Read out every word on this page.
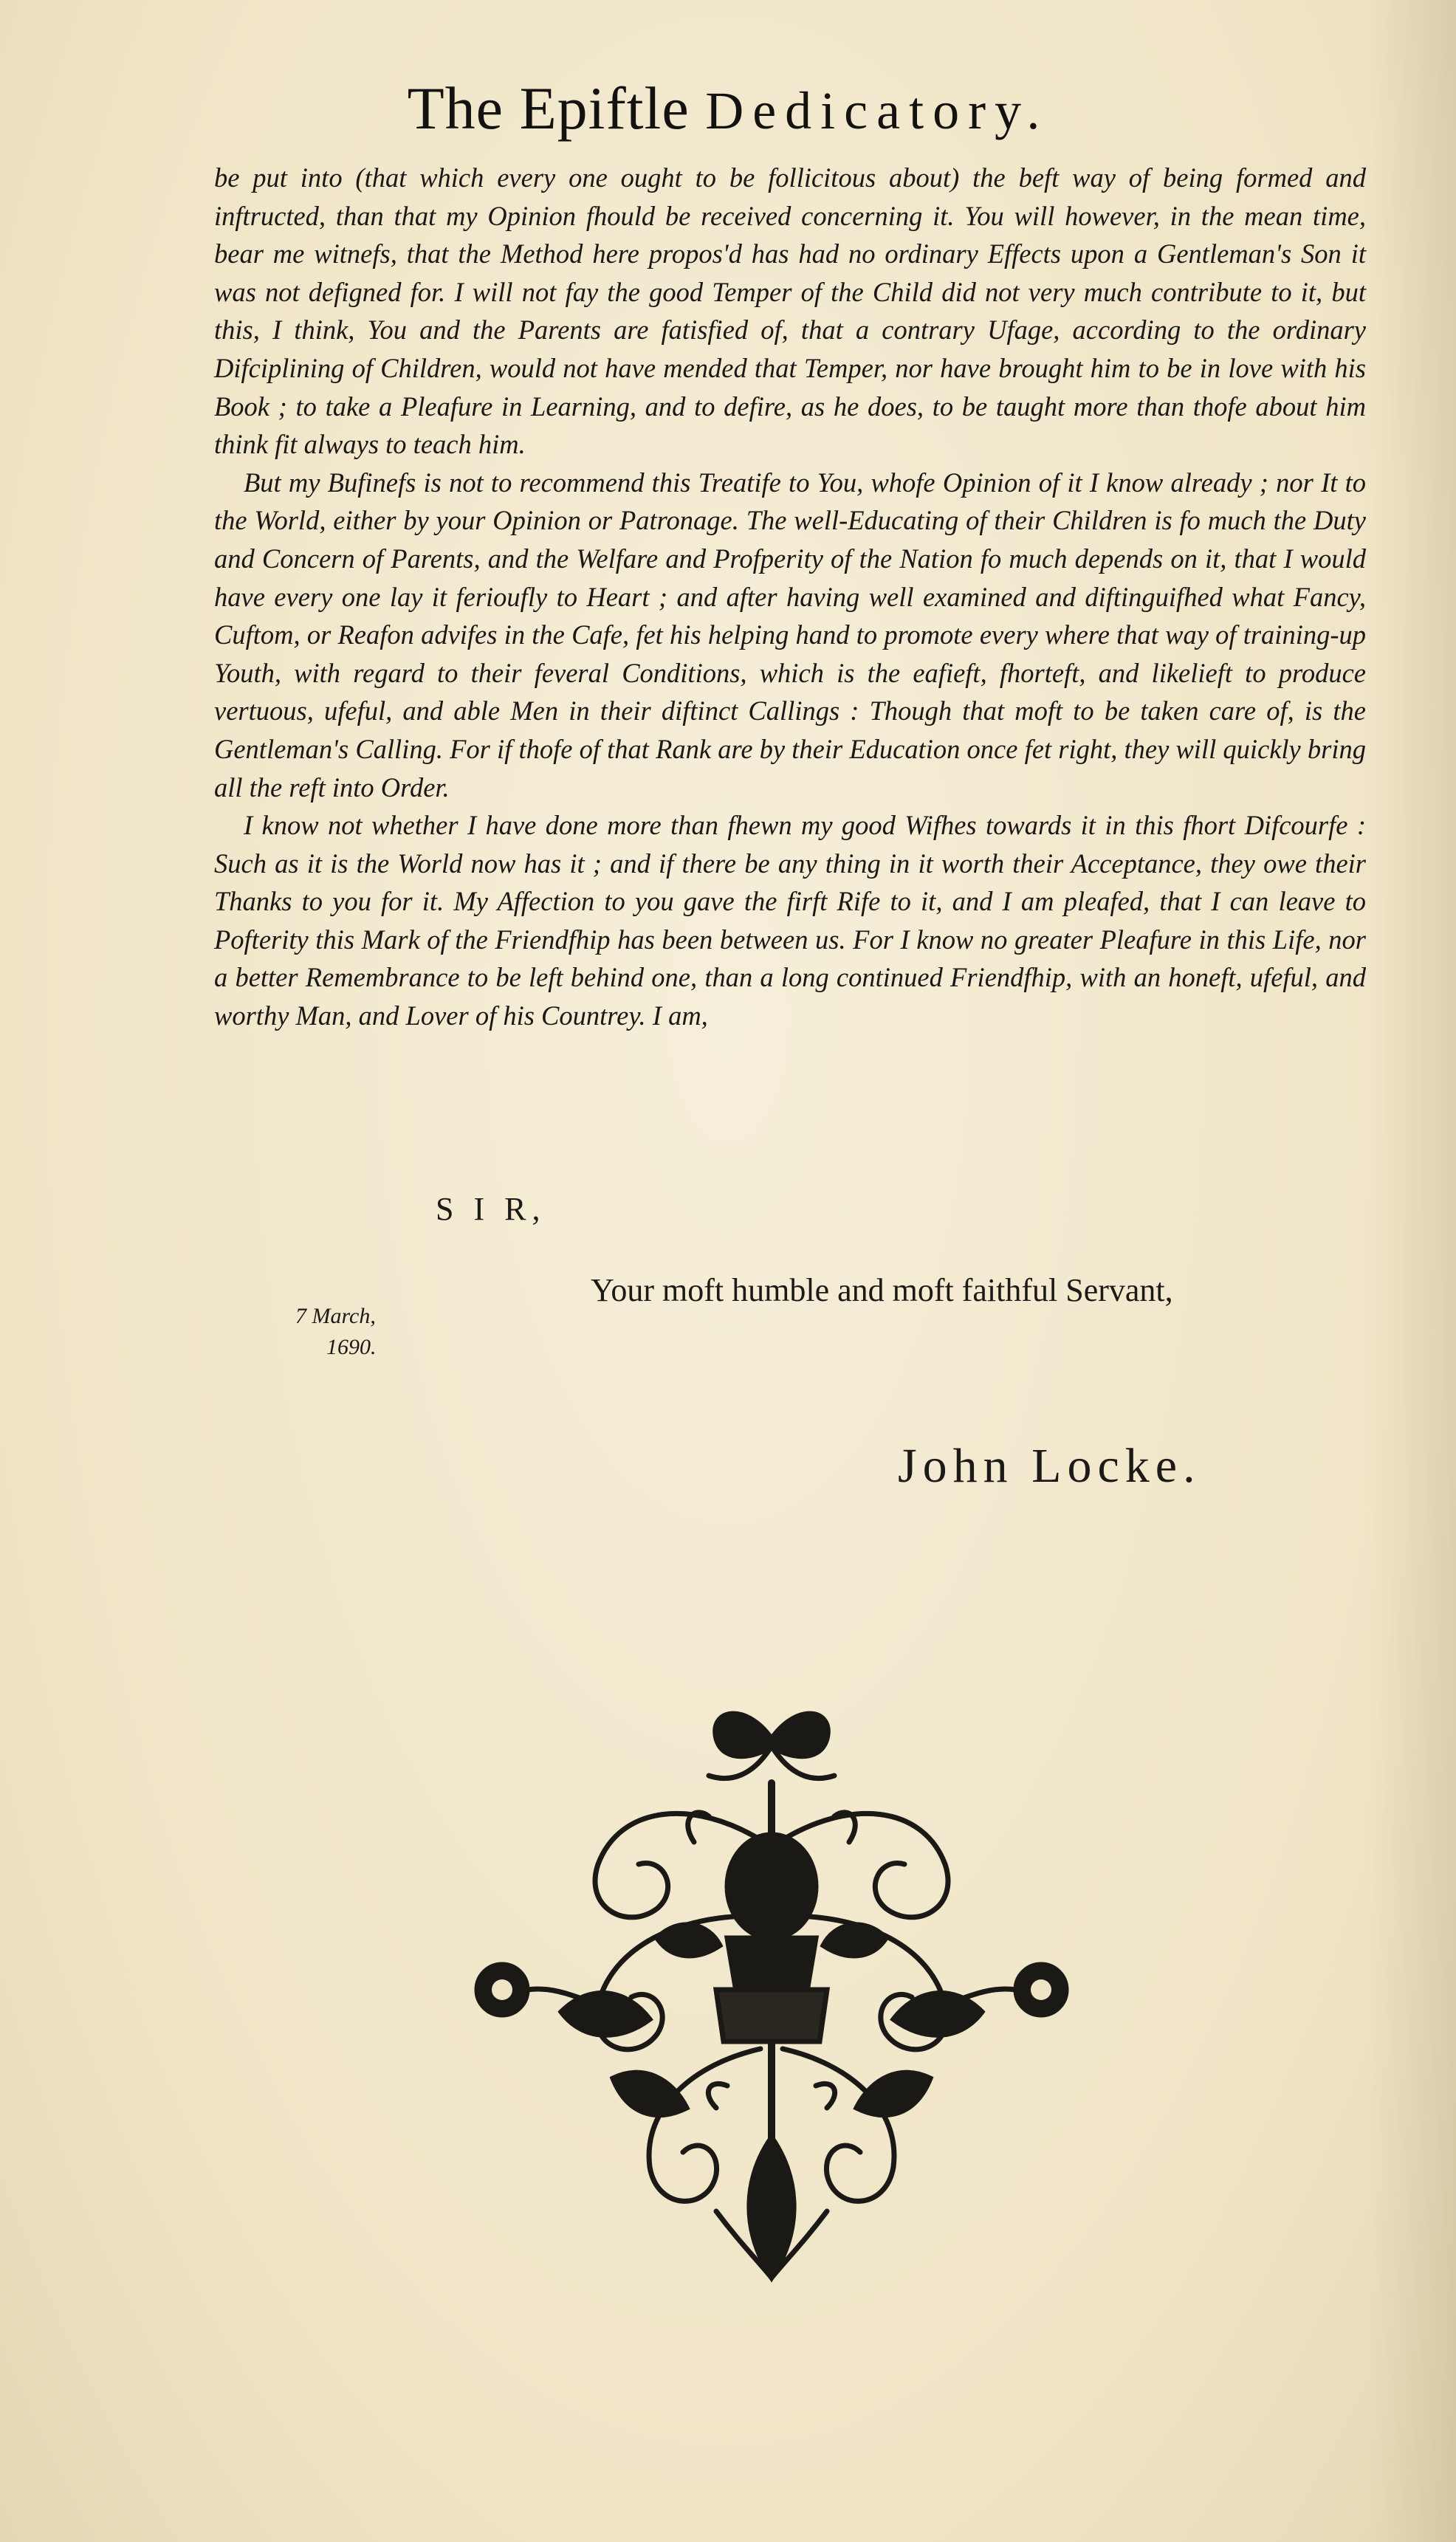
The Epiftle Dedicatory.

be put into (that which every one ought to be follicitous about) the beft way of being formed and inftructed, than that my Opinion fhould be received concerning it. You will however, in the mean time, bear me witnefs, that the Method here propos'd has had no ordinary Effects upon a Gentleman's Son it was not defigned for. I will not fay the good Temper of the Child did not very much contribute to it, but this, I think, You and the Parents are fatisfied of, that a contrary Ufage, according to the ordinary Difciplining of Children, would not have mended that Temper, nor have brought him to be in love with his Book ; to take a Pleafure in Learning, and to defire, as he does, to be taught more than thofe about him think fit always to teach him.

But my Bufinefs is not to recommend this Treatife to You, whofe Opinion of it I know already ; nor It to the World, either by your Opinion or Patronage. The well-Educating of their Children is fo much the Duty and Concern of Parents, and the Welfare and Profperity of the Nation fo much depends on it, that I would have every one lay it ferioufly to Heart ; and after having well examined and diftinguifhed what Fancy, Cuftom, or Reafon advifes in the Cafe, fet his helping hand to promote every where that way of training-up Youth, with regard to their feveral Conditions, which is the eafieft, fhorteft, and likelieft to produce vertuous, ufeful, and able Men in their diftinct Callings : Though that moft to be taken care of, is the Gentleman's Calling. For if thofe of that Rank are by their Education once fet right, they will quickly bring all the reft into Order.

I know not whether I have done more than fhewn my good Wifhes towards it in this fhort Difcourfe : Such as it is the World now has it ; and if there be any thing in it worth their Acceptance, they owe their Thanks to you for it. My Affection to you gave the firft Rife to it, and I am pleafed, that I can leave to Pofterity this Mark of the Friendfhip has been between us. For I know no greater Pleafure in this Life, nor a better Remembrance to be left behind one, than a long continued Friendfhip, with an honeft, ufeful, and worthy Man, and Lover of his Countrey. I am,

S I R,
Your moft humble and moft faithful Servant,
7 March,
1690.
John Locke.
